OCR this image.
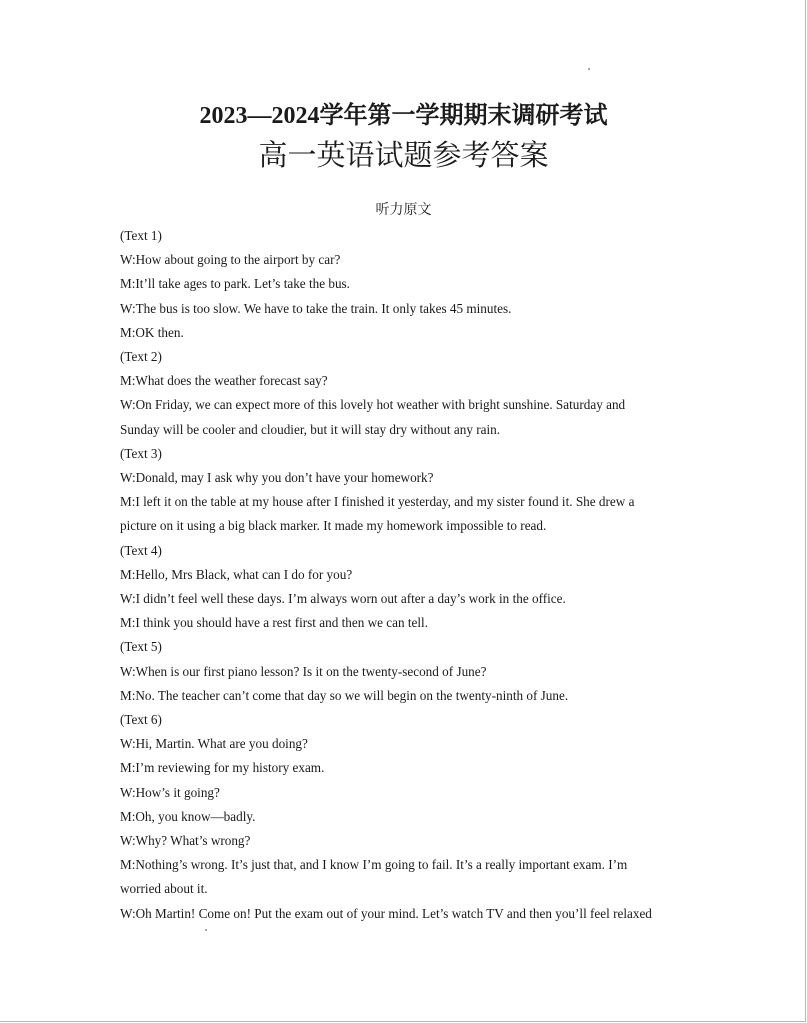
2023—2024学年第一学期期末调研考试
高一英语试题参考答案
听力原文
(Text 1)
W:How about going to the airport by car?
M:It’ll take ages to park. Let’s take the bus.
W:The bus is too slow. We have to take the train. It only takes 45 minutes.
M:OK then.
(Text 2)
M:What does the weather forecast say?
W:On Friday, we can expect more of this lovely hot weather with bright sunshine. Saturday and
Sunday will be cooler and cloudier, but it will stay dry without any rain.
(Text 3)
W:Donald, may I ask why you don’t have your homework?
M:I left it on the table at my house after I finished it yesterday, and my sister found it. She drew a
picture on it using a big black marker. It made my homework impossible to read.
(Text 4)
M:Hello, Mrs Black, what can I do for you?
W:I didn’t feel well these days. I’m always worn out after a day’s work in the office.
M:I think you should have a rest first and then we can tell.
(Text 5)
W:When is our first piano lesson? Is it on the twenty-second of June?
M:No. The teacher can’t come that day so we will begin on the twenty-ninth of June.
(Text 6)
W:Hi, Martin. What are you doing?
M:I’m reviewing for my history exam.
W:How’s it going?
M:Oh, you know—badly.
W:Why? What’s wrong?
M:Nothing’s wrong. It’s just that, and I know I’m going to fail. It’s a really important exam. I’m
worried about it.
W:Oh Martin! Come on! Put the exam out of your mind. Let’s watch TV and then you’ll feel relaxed
